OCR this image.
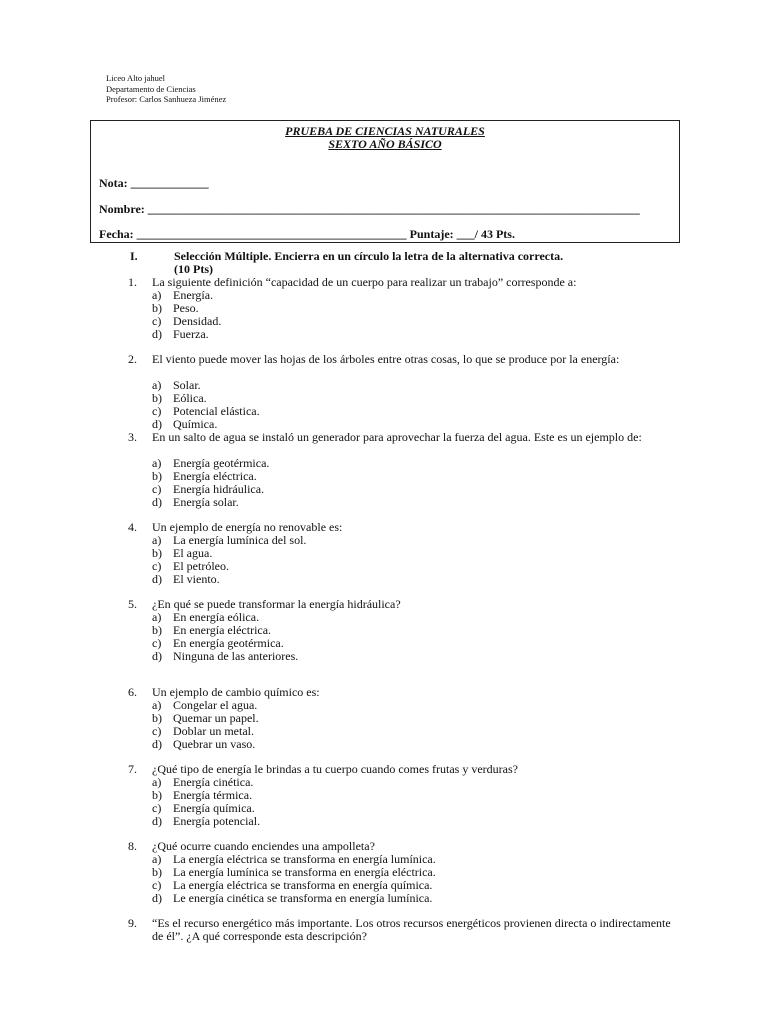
Liceo Alto jahuel
Departamento de Ciencias
Profesor: Carlos Sanhueza Jiménez
PRUEBA DE CIENCIAS NATURALES
SEXTO AÑO BÁSICO
Nota: _____________
Nombre: __________________________________________________________________________________
Fecha: _____________________________________________ Puntaje: ___/ 43 Pts.
I.	Selección Múltiple. Encierra en un círculo la letra de la alternativa correcta.
(10 Pts)
1. La siguiente definición “capacidad de un cuerpo para realizar un trabajo” corresponde a:
a) Energía.
b) Peso.
c) Densidad.
d) Fuerza.
2. El viento puede mover las hojas de los árboles entre otras cosas, lo que se produce por la energía:
a) Solar.
b) Eólica.
c) Potencial elástica.
d) Química.
3. En un salto de agua se instaló un generador para aprovechar la fuerza del agua. Este es un ejemplo de:
a) Energía geotérmica.
b) Energía eléctrica.
c) Energía hidráulica.
d) Energía solar.
4. Un ejemplo de energía no renovable es:
a) La energía lumínica del sol.
b) El agua.
c) El petróleo.
d) El viento.
5. ¿En qué se puede transformar la energía hidráulica?
a) En energía eólica.
b) En energía eléctrica.
c) En energía geotérmica.
d) Ninguna de las anteriores.
6. Un ejemplo de cambio químico es:
a) Congelar el agua.
b) Quemar un papel.
c) Doblar un metal.
d) Quebrar un vaso.
7. ¿Qué tipo de energía le brindas a tu cuerpo cuando comes frutas y verduras?
a) Energía cinética.
b) Energía térmica.
c) Energía química.
d) Energía potencial.
8. ¿Qué ocurre cuando enciendes una ampolleta?
a) La energía eléctrica se transforma en energía lumínica.
b) La energía lumínica se transforma en energía eléctrica.
c) La energía eléctrica se transforma en energía química.
d) Le energía cinética se transforma en energía lumínica.
9. “Es el recurso energético más importante. Los otros recursos energéticos provienen directa o indirectamente de él”. ¿A qué corresponde esta descripción?
